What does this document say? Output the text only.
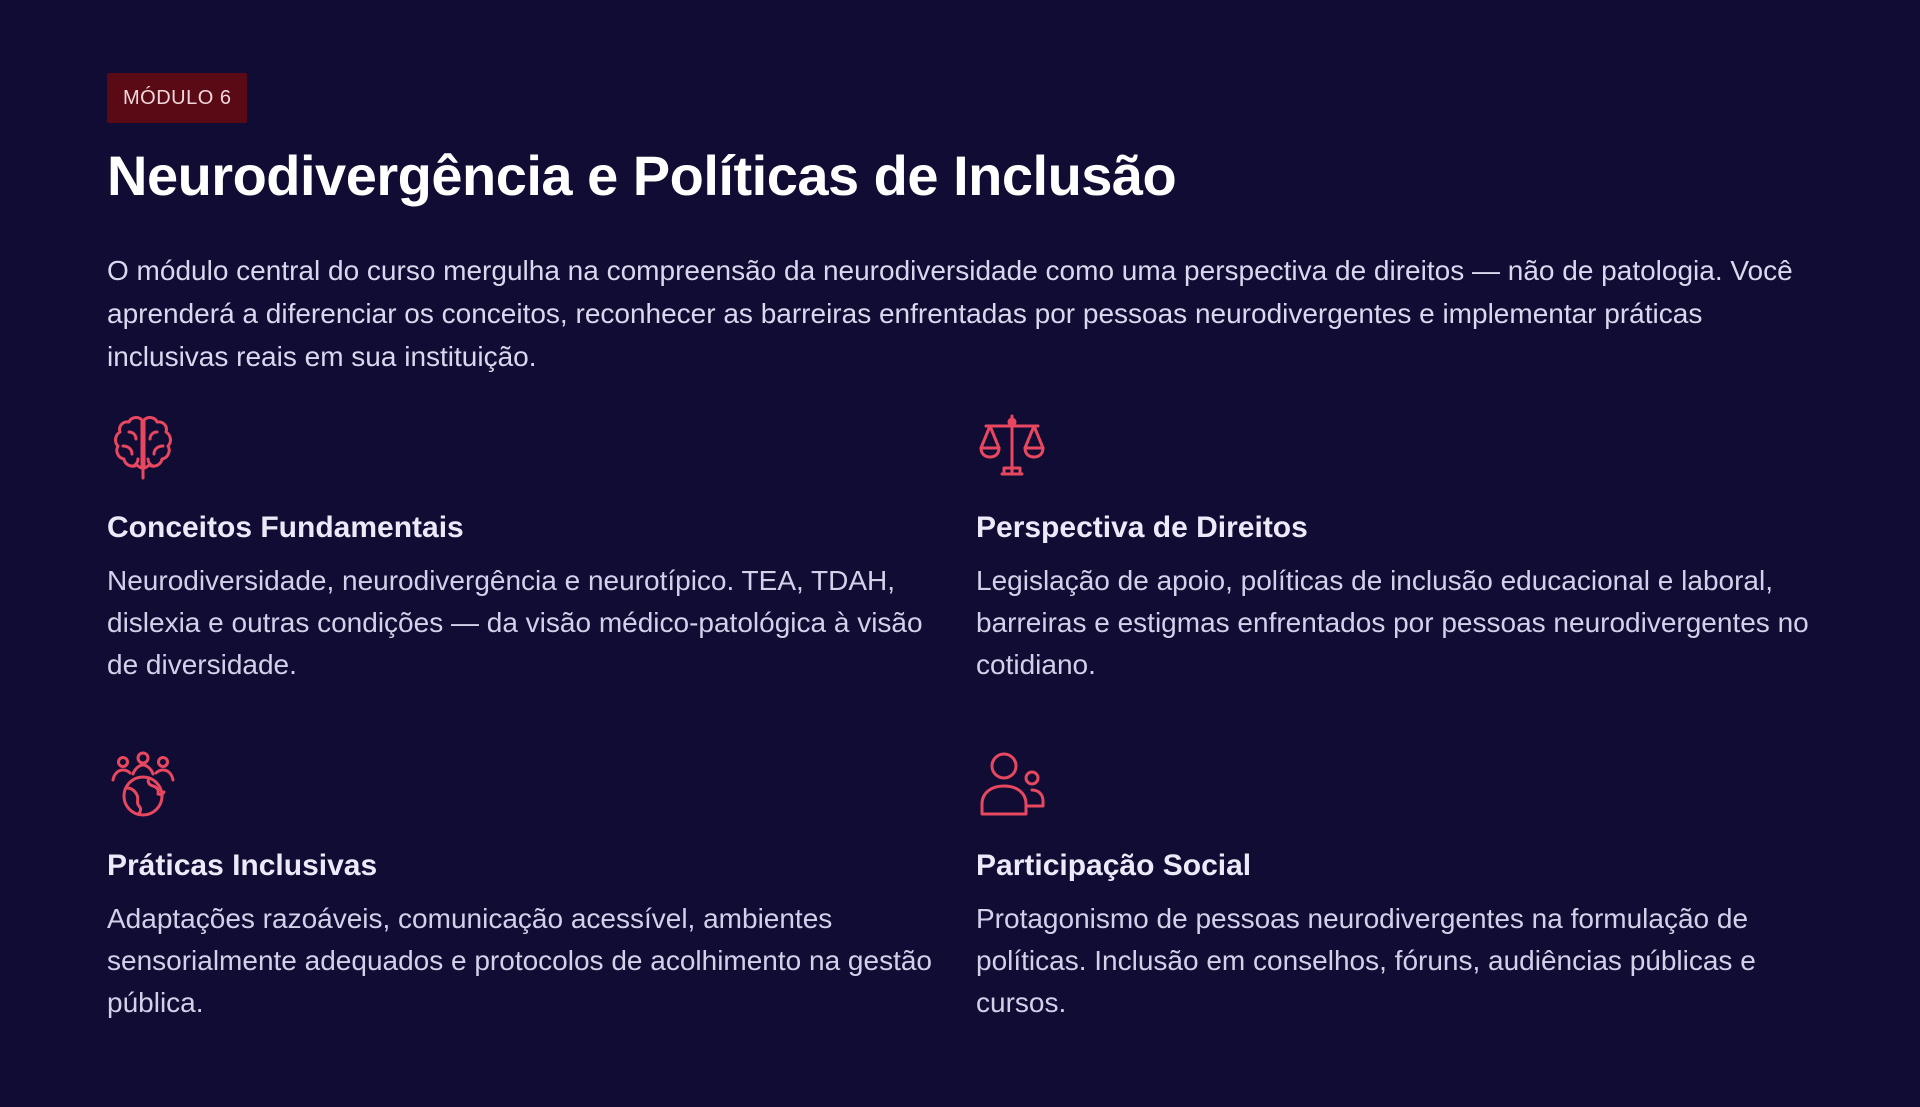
MÓDULO 6
Neurodivergência e Políticas de Inclusão

O módulo central do curso mergulha na compreensão da neurodiversidade como uma perspectiva de direitos — não de patologia. Você aprenderá a diferenciar os conceitos, reconhecer as barreiras enfrentadas por pessoas neurodivergentes e implementar práticas inclusivas reais em sua instituição.

Conceitos Fundamentais

Neurodiversidade, neurodivergência e neurotípico. TEA, TDAH, dislexia e outras condições — da visão médico-patológica à visão de diversidade.

Perspectiva de Direitos

Legislação de apoio, políticas de inclusão educacional e laboral, barreiras e estigmas enfrentados por pessoas neurodivergentes no cotidiano.

Práticas Inclusivas

Adaptações razoáveis, comunicação acessível, ambientes sensorialmente adequados e protocolos de acolhimento na gestão pública.

Participação Social

Protagonismo de pessoas neurodivergentes na formulação de políticas. Inclusão em conselhos, fóruns, audiências públicas e cursos.
